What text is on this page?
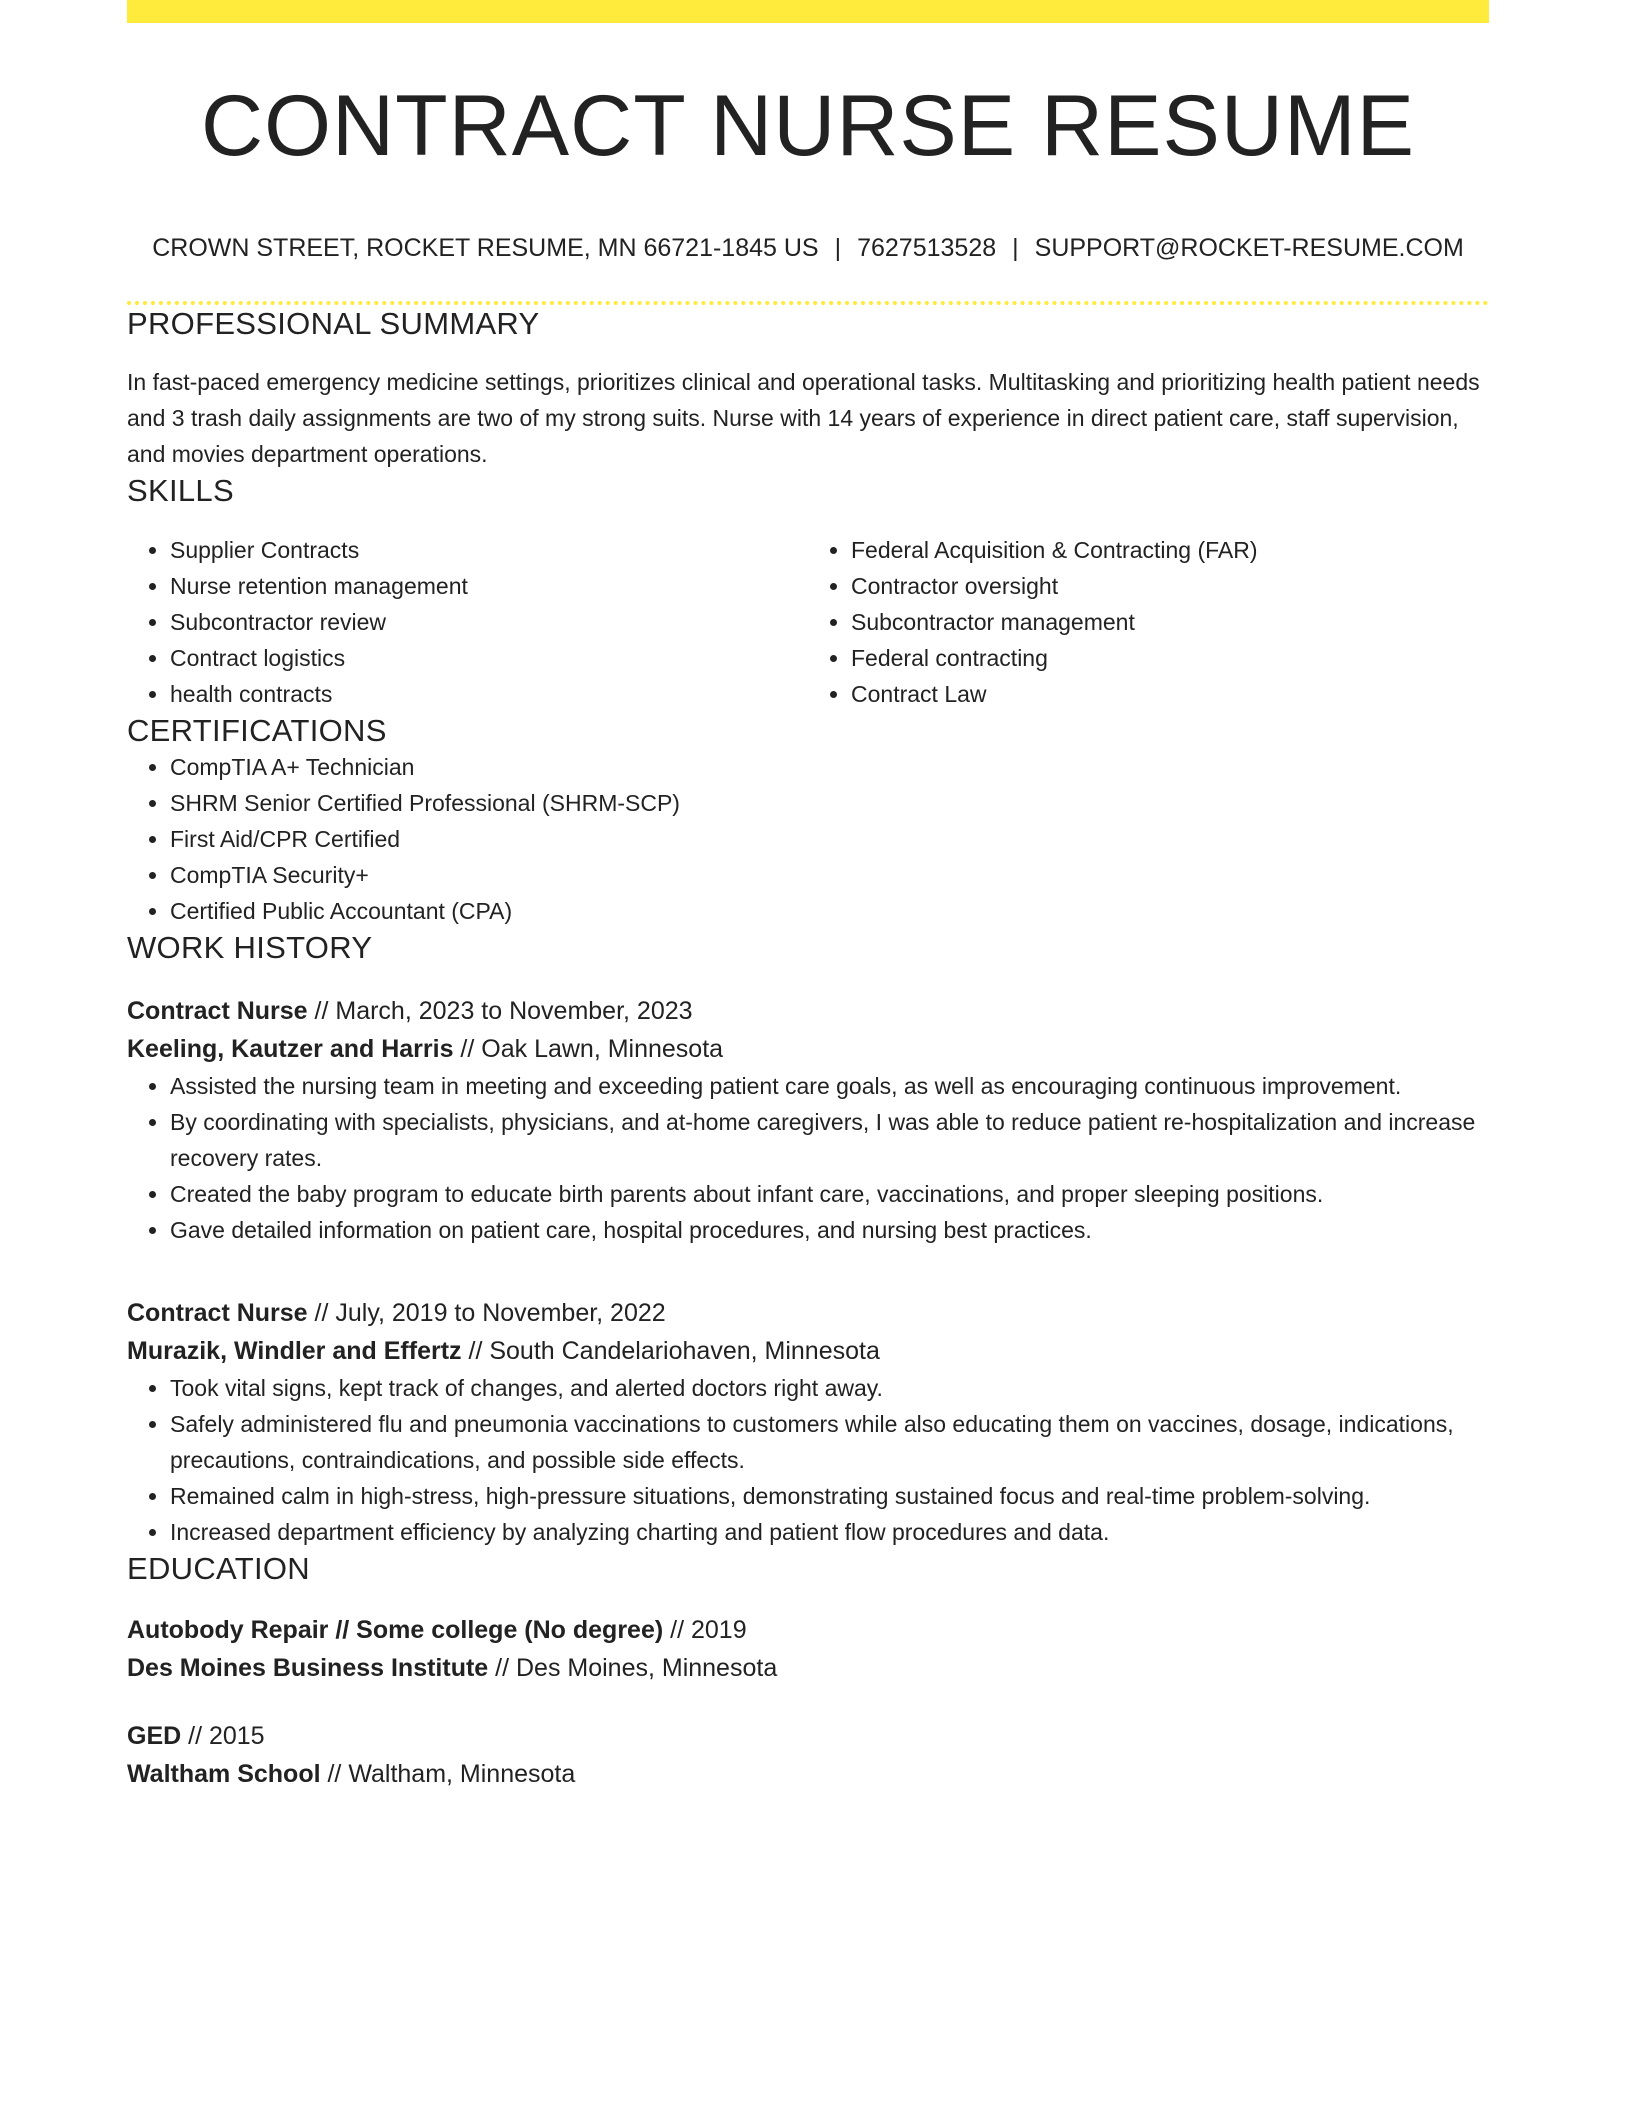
CONTRACT NURSE RESUME
CROWN STREET, ROCKET RESUME, MN 66721-1845 US | 7627513528 | SUPPORT@ROCKET-RESUME.COM
PROFESSIONAL SUMMARY

In fast-paced emergency medicine settings, prioritizes clinical and operational tasks. Multitasking and prioritizing health patient needs and 3 trash daily assignments are two of my strong suits. Nurse with 14 years of experience in direct patient care, staff supervision, and movies department operations.

SKILLS
• Supplier Contracts
• Nurse retention management
• Subcontractor review
• Contract logistics
• health contracts
• Federal Acquisition & Contracting (FAR)
• Contractor oversight
• Subcontractor management
• Federal contracting
• Contract Law
CERTIFICATIONS
• CompTIA A+ Technician
• SHRM Senior Certified Professional (SHRM-SCP)
• First Aid/CPR Certified
• CompTIA Security+
• Certified Public Accountant (CPA)
WORK HISTORY
Contract Nurse // March, 2023 to November, 2023
Keeling, Kautzer and Harris // Oak Lawn, Minnesota
• Assisted the nursing team in meeting and exceeding patient care goals, as well as encouraging continuous improvement.
• By coordinating with specialists, physicians, and at-home caregivers, I was able to reduce patient re-hospitalization and increase recovery rates.
• Created the baby program to educate birth parents about infant care, vaccinations, and proper sleeping positions.
• Gave detailed information on patient care, hospital procedures, and nursing best practices.
Contract Nurse // July, 2019 to November, 2022
Murazik, Windler and Effertz // South Candelariohaven, Minnesota
• Took vital signs, kept track of changes, and alerted doctors right away.
• Safely administered flu and pneumonia vaccinations to customers while also educating them on vaccines, dosage, indications, precautions, contraindications, and possible side effects.
• Remained calm in high-stress, high-pressure situations, demonstrating sustained focus and real-time problem-solving.
• Increased department efficiency by analyzing charting and patient flow procedures and data.
EDUCATION
Autobody Repair // Some college (No degree) // 2019
Des Moines Business Institute // Des Moines, Minnesota
GED // 2015
Waltham School // Waltham, Minnesota
